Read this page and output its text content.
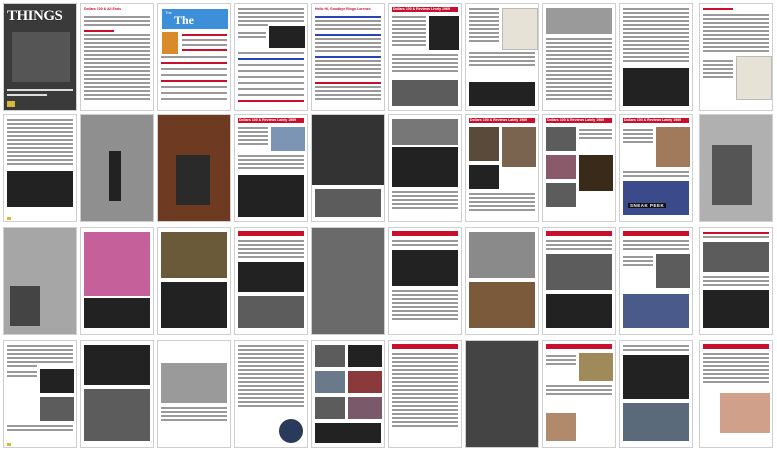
THINGS	Dollars 100 & All Ends
The
The
Hello Hi, Goodbye Ringo Lorenzo	Dollars 100 & Reviews Lively 1969
Dollars 100 & Reviews Lately 1969	Dollars 100 & Reviews Lately 1969	Dollars 100 & Reviews Lately 1969	Dollars 100 & Reviews Lately 1969
SNEAK PEEK
